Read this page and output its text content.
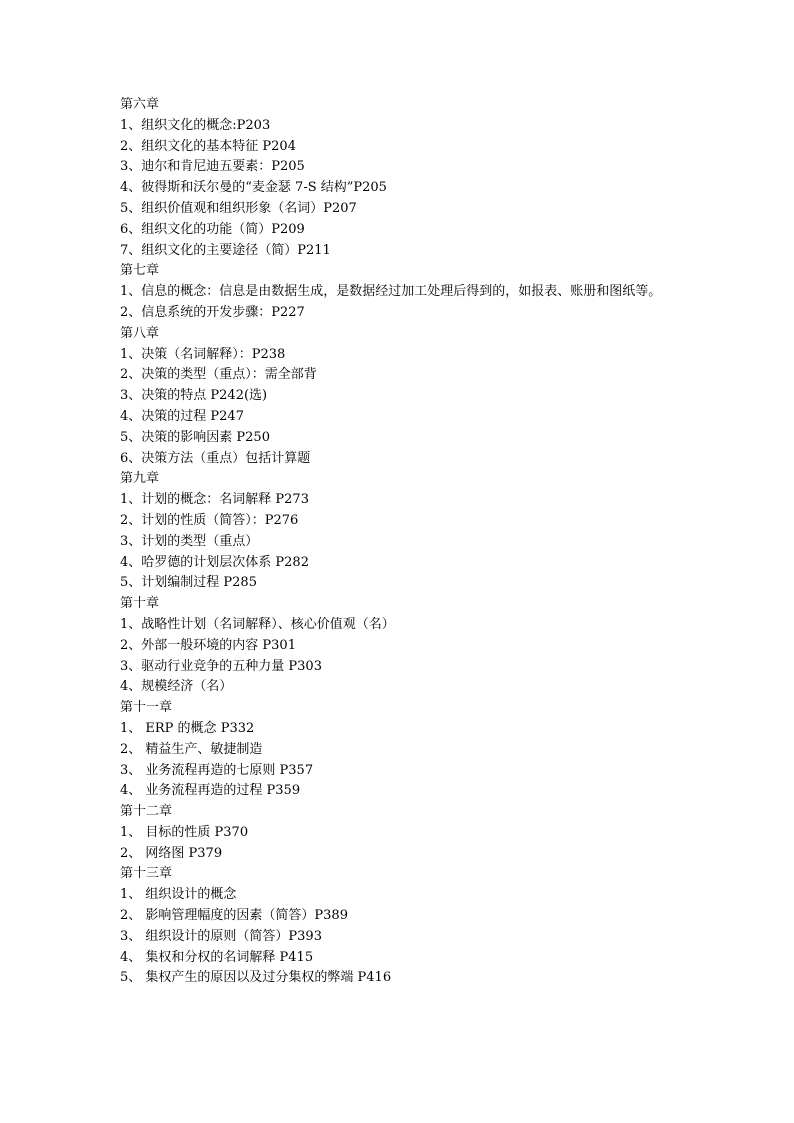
第六章

1、组织文化的概念:P203

2、组织文化的基本特征 P204

3、迪尔和肯尼迪五要素：P205

4、彼得斯和沃尔曼的“麦金瑟 7-S 结构”P205

5、组织价值观和组织形象（名词）P207

6、组织文化的功能（简）P209

7、组织文化的主要途径（简）P211

第七章

1、信息的概念：信息是由数据生成，是数据经过加工处理后得到的，如报表、账册和图纸等。

2、信息系统的开发步骤：P227

第八章

1、决策（名词解释）：P238

2、决策的类型（重点）：需全部背

3、决策的特点 P242(选)

4、决策的过程 P247

5、决策的影响因素 P250

6、决策方法（重点）包括计算题

第九章

1、计划的概念：名词解释 P273

2、计划的性质（简答）：P276

3、计划的类型（重点）

4、哈罗德的计划层次体系 P282

5、计划编制过程 P285

第十章

1、战略性计划（名词解释）、核心价值观（名）

2、外部一般环境的内容 P301

3、驱动行业竞争的五种力量 P303

4、规模经济（名）

第十一章

1、 ERP 的概念 P332

2、 精益生产、敏捷制造

3、 业务流程再造的七原则 P357

4、 业务流程再造的过程 P359

第十二章

1、 目标的性质 P370

2、 网络图 P379

第十三章

1、 组织设计的概念

2、 影响管理幅度的因素（简答）P389

3、 组织设计的原则（简答）P393

4、 集权和分权的名词解释 P415

5、 集权产生的原因以及过分集权的弊端 P416
